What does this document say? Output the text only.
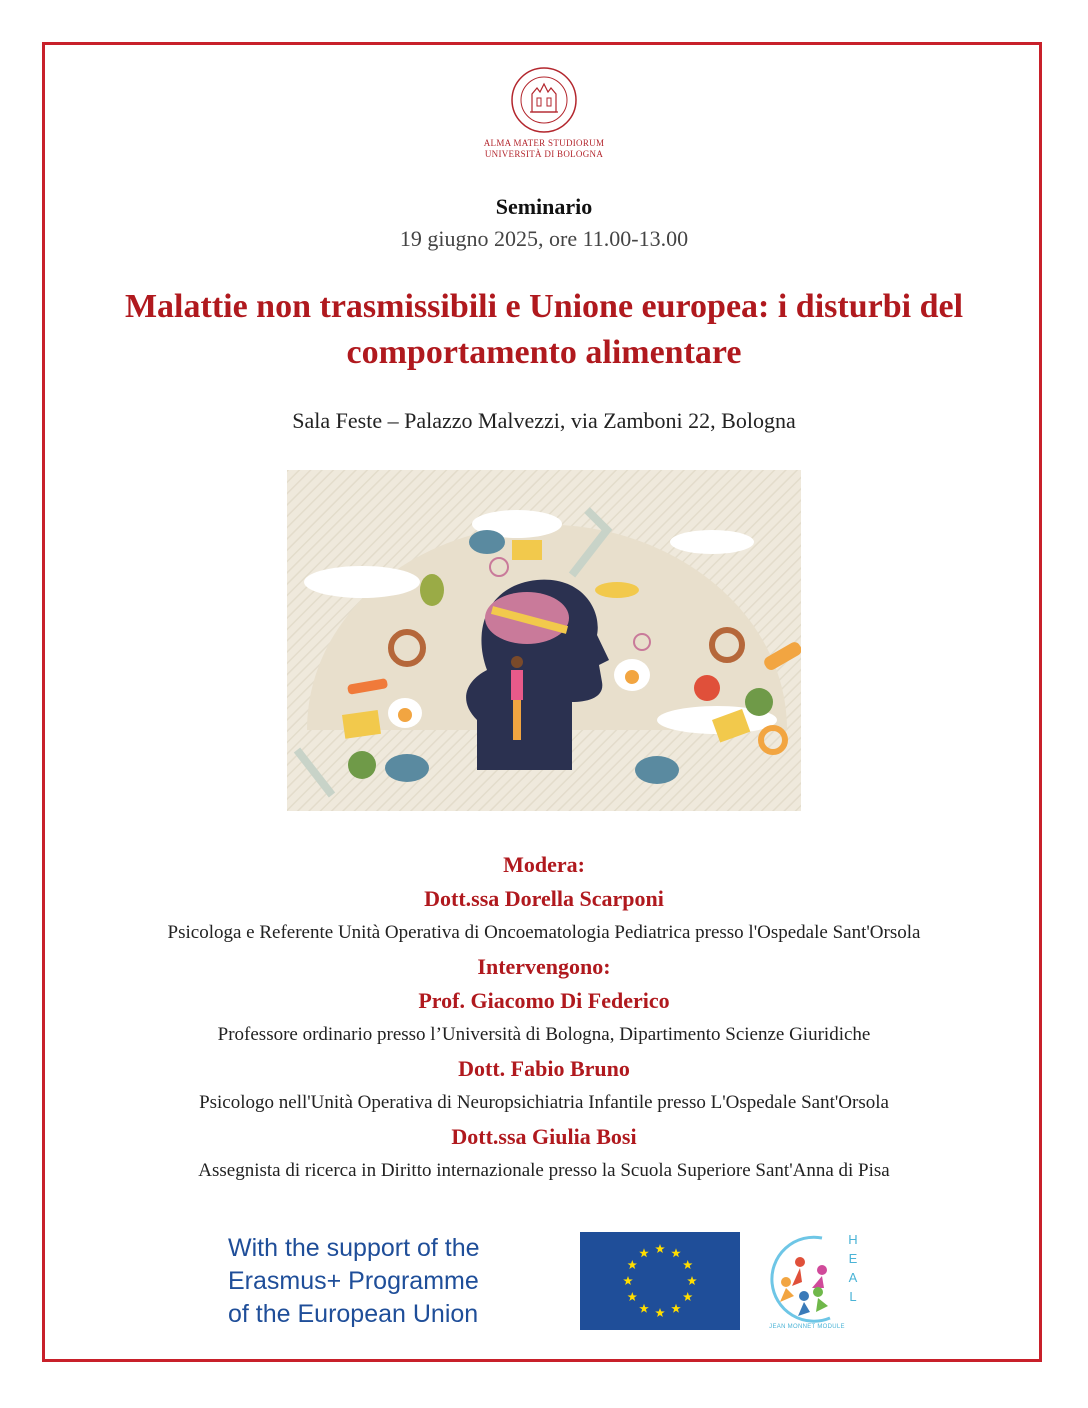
ALMA MATER STUDIORUM
UNIVERSITÀ DI BOLOGNA
Seminario
19 giugno 2025, ore 11.00-13.00
Malattie non trasmissibili e Unione europea: i disturbi del comportamento alimentare
Sala Feste – Palazzo Malvezzi, via Zamboni 22, Bologna
Modera:
Dott.ssa Dorella Scarponi
Psicologa e Referente Unità Operativa di Oncoematologia Pediatrica presso l'Ospedale Sant'Orsola
Intervengono:
Prof. Giacomo Di Federico
Professore ordinario presso l’Università di Bologna, Dipartimento Scienze Giuridiche
Dott. Fabio Bruno
Psicologo nell'Unità Operativa di Neuropsichiatria Infantile presso L'Ospedale Sant'Orsola
Dott.ssa Giulia Bosi
Assegnista di ricerca in Diritto internazionale presso la Scuola Superiore Sant'Anna di Pisa
With the support of the
Erasmus+ Programme
of the European Union
H
E
A
L
JEAN MONNET MODULE
